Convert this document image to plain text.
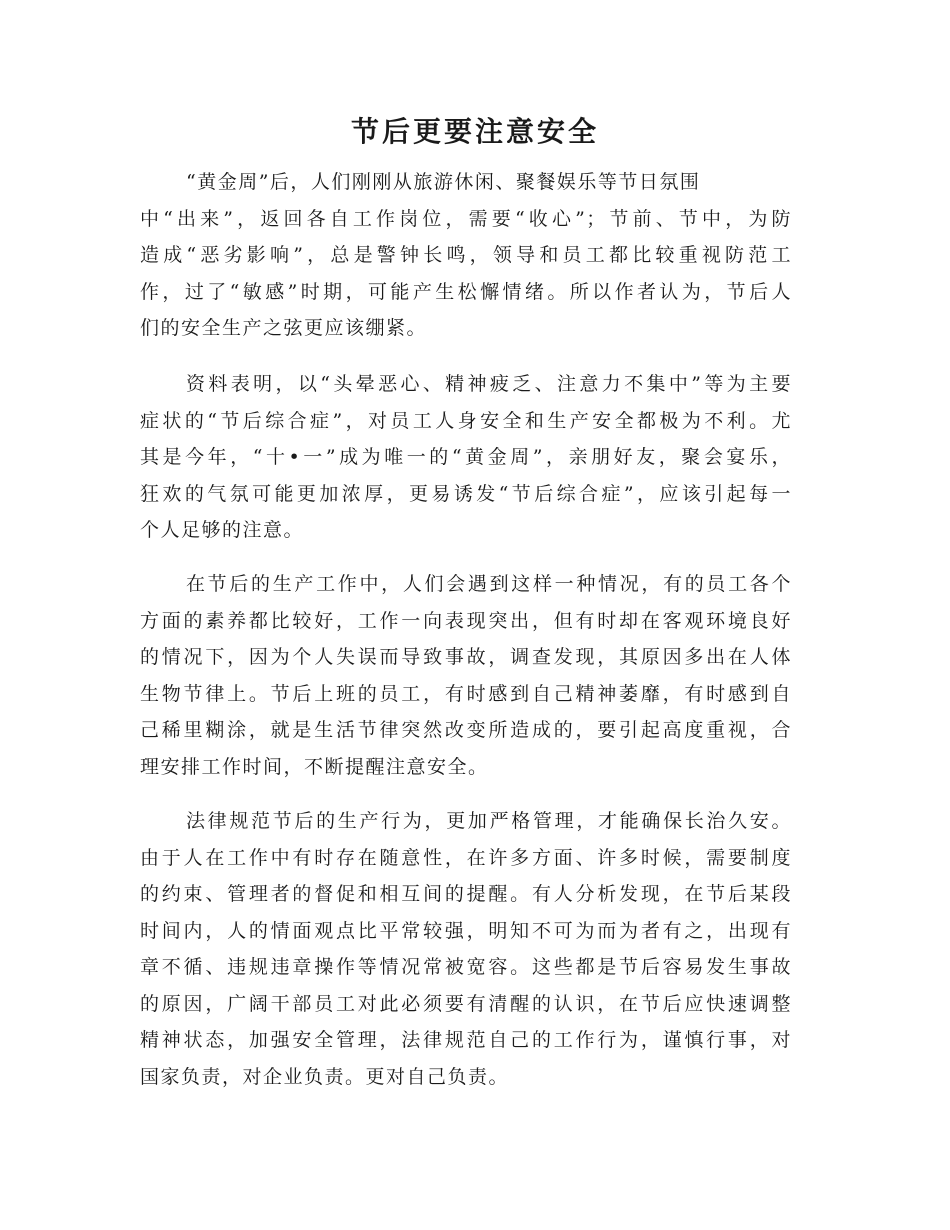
节后更要注意安全
“黄金周”后，人们刚刚从旅游休闲、聚餐娱乐等节日氛围
中“出来”，返回各自工作岗位，需要“收心”；节前、节中，为防
造成“恶劣影响”，总是警钟长鸣，领导和员工都比较重视防范工
作，过了“敏感”时期，可能产生松懈情绪。所以作者认为，节后人
们的安全生产之弦更应该绷紧。
资料表明，以“头晕恶心、精神疲乏、注意力不集中”等为主要
症状的“节后综合症”，对员工人身安全和生产安全都极为不利。尤
其是今年，“十•一”成为唯一的“黄金周”，亲朋好友，聚会宴乐，
狂欢的气氛可能更加浓厚，更易诱发“节后综合症”，应该引起每一
个人足够的注意。
在节后的生产工作中，人们会遇到这样一种情况，有的员工各个
方面的素养都比较好，工作一向表现突出，但有时却在客观环境良好
的情况下，因为个人失误而导致事故，调查发现，其原因多出在人体
生物节律上。节后上班的员工，有时感到自己精神萎靡，有时感到自
己稀里糊涂，就是生活节律突然改变所造成的，要引起高度重视，合
理安排工作时间，不断提醒注意安全。
法律规范节后的生产行为，更加严格管理，才能确保长治久安。
由于人在工作中有时存在随意性，在许多方面、许多时候，需要制度
的约束、管理者的督促和相互间的提醒。有人分析发现，在节后某段
时间内，人的情面观点比平常较强，明知不可为而为者有之，出现有
章不循、违规违章操作等情况常被宽容。这些都是节后容易发生事故
的原因，广阔干部员工对此必须要有清醒的认识，在节后应快速调整
精神状态，加强安全管理，法律规范自己的工作行为，谨慎行事，对
国家负责，对企业负责。更对自己负责。
